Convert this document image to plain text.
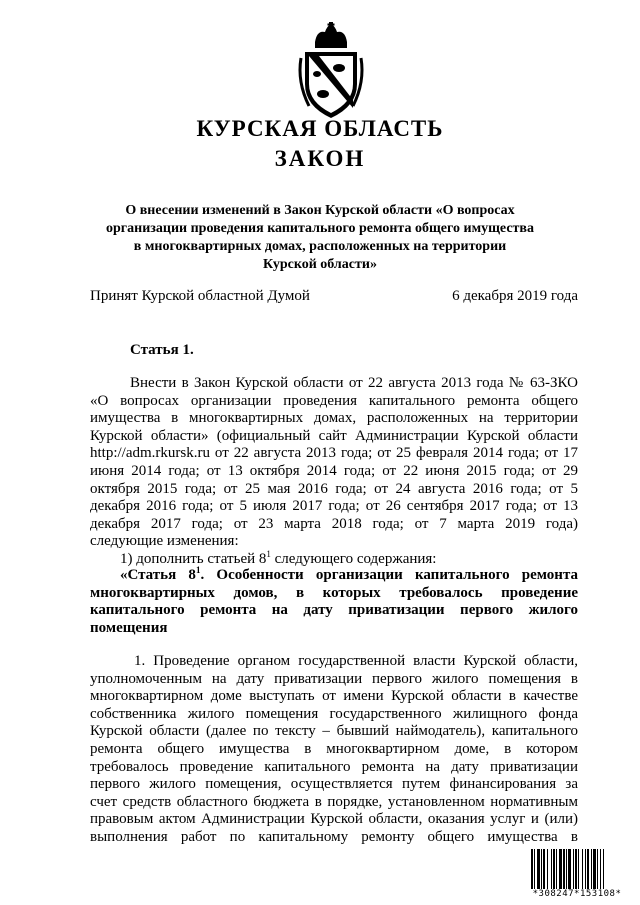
КУРСКАЯ ОБЛАСТЬ
ЗАКОН
О внесении изменений в Закон Курской области «О вопросах
организации проведения капитального ремонта общего имущества
в многоквартирных домах, расположенных на территории
Курской области»
Принят Курской областной Думой	6 декабря 2019 года
Статья 1.
Внести в Закон Курской области от 22 августа 2013 года № 63-ЗКО
«О вопросах организации проведения капитального ремонта общего
имущества в многоквартирных домах, расположенных на территории
Курской области» (официальный сайт Администрации Курской области
http://adm.rkursk.ru от 22 августа 2013 года; от 25 февраля 2014 года; от 17
июня 2014 года; от 13 октября 2014 года; от 22 июня 2015 года; от 29
октября 2015 года; от 25 мая 2016 года; от 24 августа 2016 года; от 5
декабря 2016 года; от 5 июля 2017 года; от 26 сентября 2017 года; от 13
декабря 2017 года; от 23 марта 2018 года; от 7 марта 2019 года)
следующие изменения:
1) дополнить статьей $8^1$ следующего содержания:
«Статья $8^1$. Особенности организации капитального ремонта
многоквартирных домов, в которых требовалось проведение
капитального ремонта на дату приватизации первого жилого
помещения
1. Проведение органом государственной власти Курской области,
уполномоченным на дату приватизации первого жилого помещения в
многоквартирном доме выступать от имени Курской области в качестве
собственника жилого помещения государственного жилищного фонда
Курской области (далее по тексту – бывший наймодатель), капитального
ремонта общего имущества в многоквартирном доме, в котором
требовалось проведение капитального ремонта на дату приватизации
первого жилого помещения, осуществляется путем финансирования за
счет средств областного бюджета в порядке, установленном нормативным
правовым актом Администрации Курской области, оказания услуг и (или)
выполнения работ по капитальному ремонту общего имущества в
*308247*153108*
